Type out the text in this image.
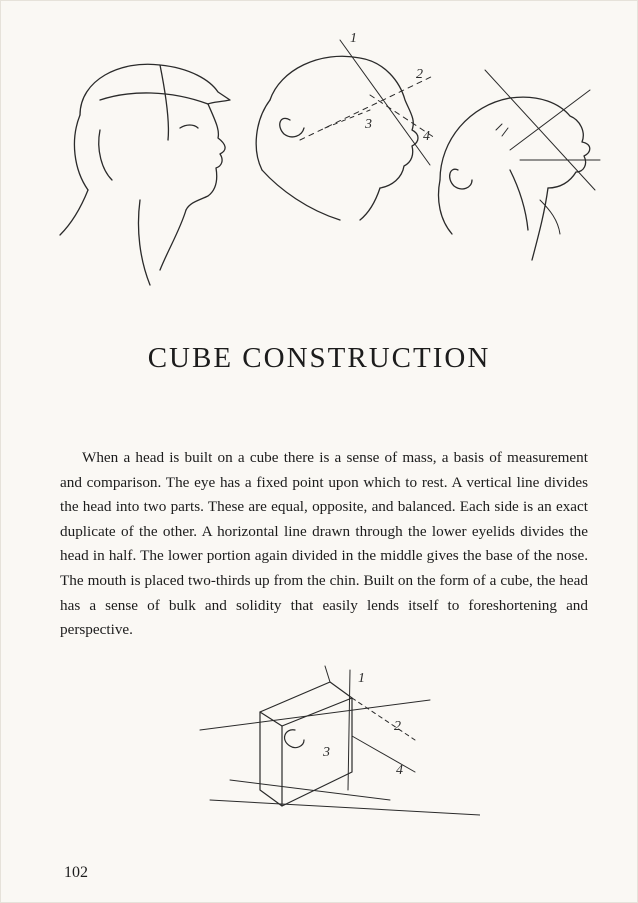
1
2
3
4
CUBE CONSTRUCTION

When a head is built on a cube there is a sense of mass, a basis of measurement and comparison. The eye has a fixed point upon which to rest. A vertical line divides the head into two parts. These are equal, opposite, and balanced. Each side is an exact duplicate of the other. A horizontal line drawn through the lower eyelids divides the head in half. The lower portion again divided in the middle gives the base of the nose. The mouth is placed two-thirds up from the chin. Built on the form of a cube, the head has a sense of bulk and solidity that easily lends itself to foreshortening and perspective.

1
2
3
4
102
